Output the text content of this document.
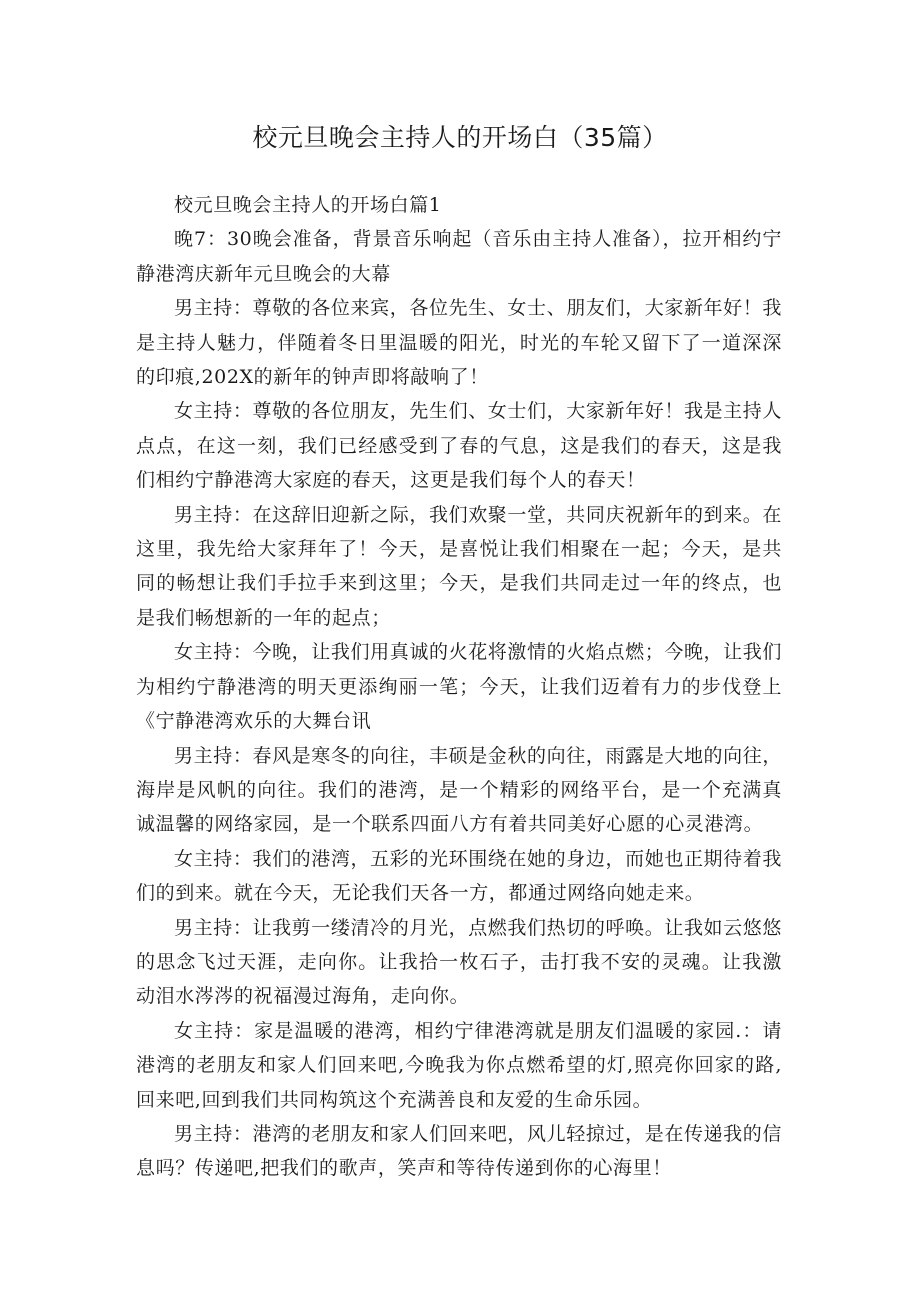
校元旦晚会主持人的开场白（35篇）

校元旦晚会主持人的开场白篇1

晚7：30晚会准备，背景音乐响起（音乐由主持人准备），拉开相约宁静港湾庆新年元旦晚会的大幕

男主持：尊敬的各位来宾，各位先生、女士、朋友们，大家新年好！我是主持人魅力，伴随着冬日里温暖的阳光，时光的车轮又留下了一道深深的印痕,202X的新年的钟声即将敲响了！

女主持：尊敬的各位朋友，先生们、女士们，大家新年好！我是主持人点点，在这一刻，我们已经感受到了春的气息，这是我们的春天，这是我们相约宁静港湾大家庭的春天，这更是我们每个人的春天！

男主持：在这辞旧迎新之际，我们欢聚一堂，共同庆祝新年的到来。在这里，我先给大家拜年了！今天，是喜悦让我们相聚在一起；今天，是共同的畅想让我们手拉手来到这里；今天，是我们共同走过一年的终点，也是我们畅想新的一年的起点；

女主持：今晚，让我们用真诚的火花将激情的火焰点燃；今晚，让我们为相约宁静港湾的明天更添绚丽一笔；今天，让我们迈着有力的步伐登上《宁静港湾欢乐的大舞台讯

男主持：春风是寒冬的向往，丰硕是金秋的向往，雨露是大地的向往，海岸是风帆的向往。我们的港湾，是一个精彩的网络平台，是一个充满真诚温馨的网络家园，是一个联系四面八方有着共同美好心愿的心灵港湾。

女主持：我们的港湾，五彩的光环围绕在她的身边，而她也正期待着我们的到来。就在今天，无论我们天各一方，都通过网络向她走来。

男主持：让我剪一缕清冷的月光，点燃我们热切的呼唤。让我如云悠悠的思念飞过天涯，走向你。让我拾一枚石子，击打我不安的灵魂。让我激动泪水涔涔的祝福漫过海角，走向你。

女主持：家是温暖的港湾，相约宁律港湾就是朋友们温暖的家园.：请港湾的老朋友和家人们回来吧,今晚我为你点燃希望的灯,照亮你回家的路,回来吧,回到我们共同构筑这个充满善良和友爱的生命乐园。

男主持：港湾的老朋友和家人们回来吧，风儿轻掠过，是在传递我的信息吗？传递吧,把我们的歌声，笑声和等待传递到你的心海里！
